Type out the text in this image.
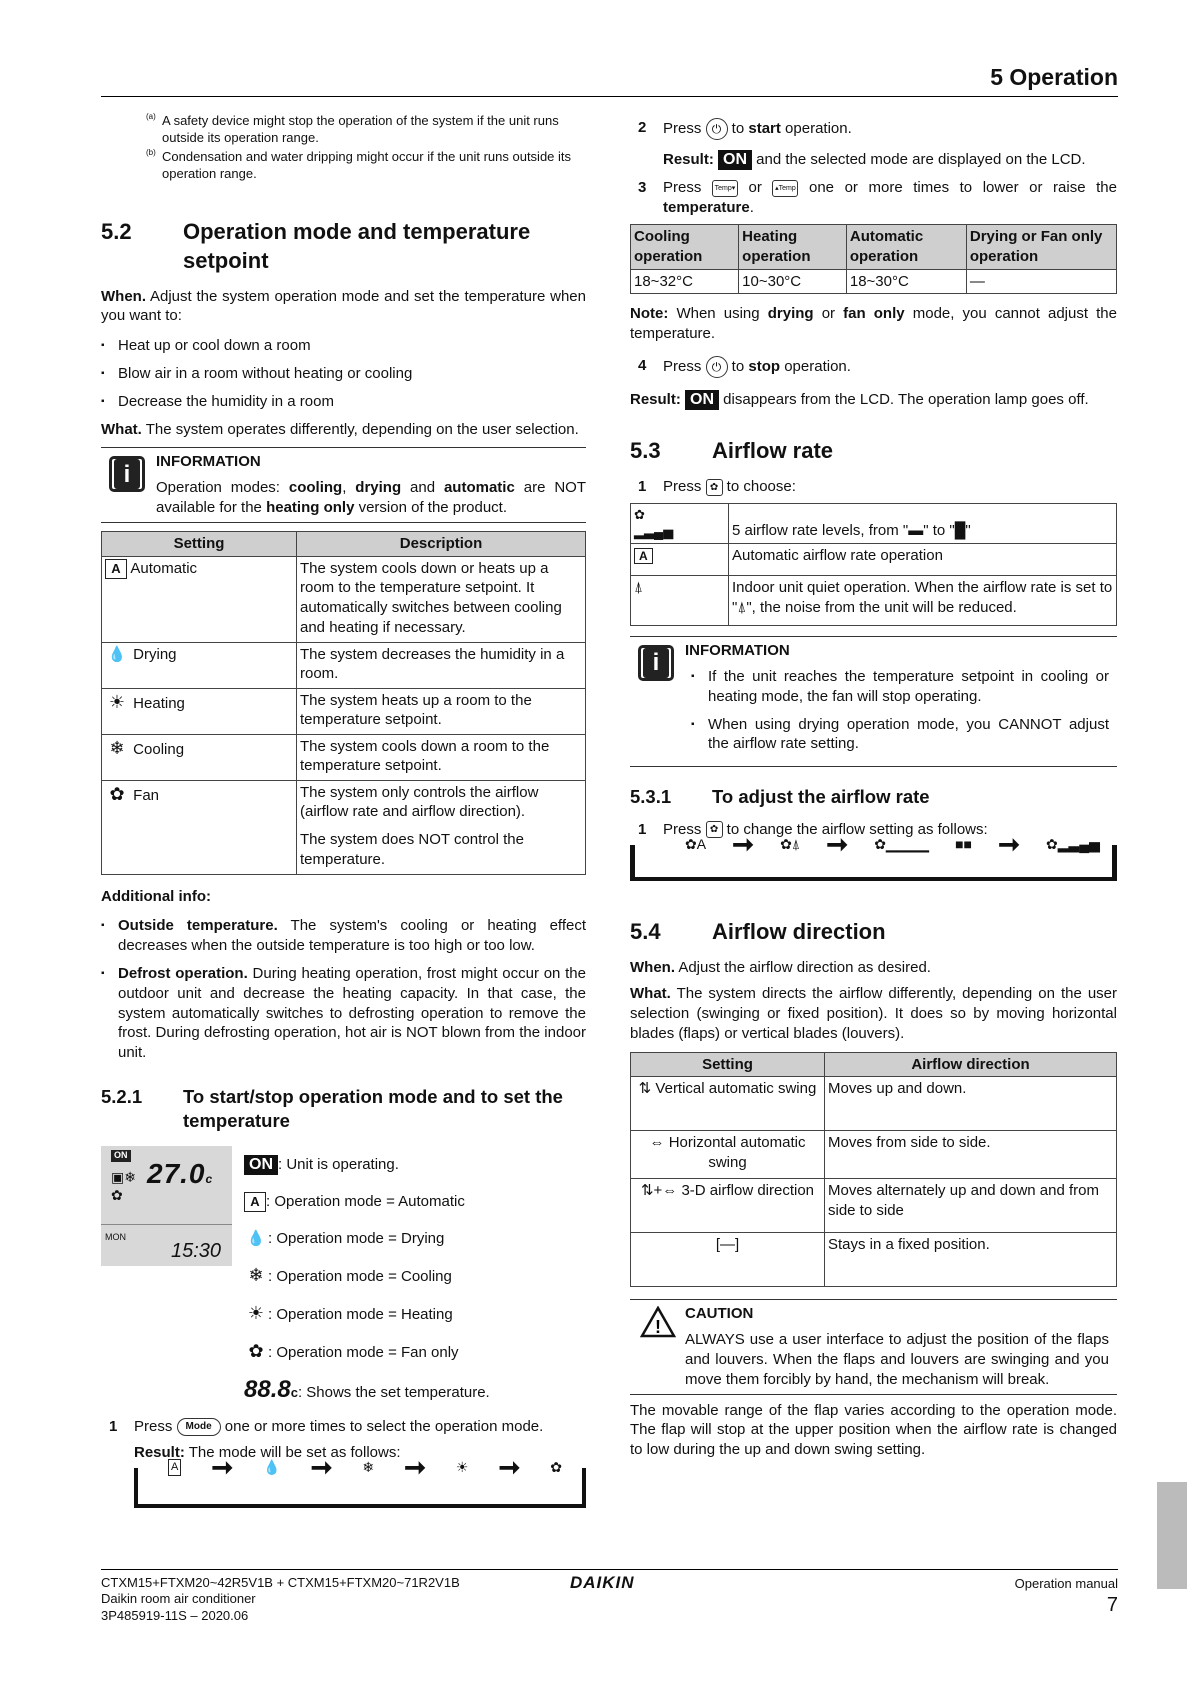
5 Operation
(a) A safety device might stop the operation of the system if the unit runs outside its operation range.
(b) Condensation and water dripping might occur if the unit runs outside its operation range.
5.2	Operation mode and temperature setpoint

When. Adjust the system operation mode and set the temperature when you want to:

▪ Heat up or cool down a room
▪ Blow air in a room without heating or cooling
▪ Decrease the humidity in a room

What. The system operates differently, depending on the user selection.

i	INFORMATION
Operation modes: cooling, drying and automatic are NOT available for the heating only version of the product.
Setting	Description
A Automatic	The system cools down or heats up a room to the temperature setpoint. It automatically switches between cooling and heating if necessary.
💧 Drying	The system decreases the humidity in a room.
☀ Heating	The system heats up a room to the temperature setpoint.
❄ Cooling	The system cools down a room to the temperature setpoint.
✿ Fan	The system only controls the airflow (airflow rate and airflow direction).
The system does NOT control the temperature.

Additional info:

▪ Outside temperature. The system's cooling or heating effect decreases when the outside temperature is too high or too low.
▪ Defrost operation. During heating operation, frost might occur on the outdoor unit and decrease the heating capacity. In that case, the system automatically switches to defrosting operation to remove the frost. During defrosting operation, hot air is NOT blown from the indoor unit.
5.2.1	To start/stop operation mode and to set the temperature
ON
27.0c
▣❄
✿
MON
15:30
ON : Unit is operating.
A : Operation mode = Automatic
💧 : Operation mode = Drying
❄ : Operation mode = Cooling
☀ : Operation mode = Heating
✿ : Operation mode = Fan only
88.8c: Shows the set temperature.
1	Press Mode one or more times to select the operation mode.
Result: The mode will be set as follows:
A ➞ 💧 ➞ ❄ ➞ ☀ ➞ ✿
2	Press ⏻ to start operation.
Result: ON and the selected mode are displayed on the LCD.
3	Press Temp▾ or ▴Temp one or more times to lower or raise the temperature.
Cooling operation	Heating operation	Automatic operation	Drying or Fan only operation
18~32°C	10~30°C	18~30°C	—

Note: When using drying or fan only mode, you cannot adjust the temperature.

4	Press ⏻ to stop operation.

Result: ON disappears from the LCD. The operation lamp goes off.

5.3	Airflow rate
1	Press ✿ to choose:
✿
▂▃▄▅	5 airflow rate levels, from "▬" to "█"
A	Automatic airflow rate operation
⍋	Indoor unit quiet operation. When the airflow rate is set to "⍋", the noise from the unit will be reduced.
i	INFORMATION
▪ If the unit reaches the temperature setpoint in cooling or heating mode, the fan will stop operating.
▪ When using drying operation mode, you CANNOT adjust the airflow rate setting.
5.3.1	To adjust the airflow rate
1	Press ✿ to change the airflow setting as follows:
✿A ➞ ✿⍋ ➞ ✿▁▁▁▁ ■■ ➞ ✿▂▃▄▅
5.4	Airflow direction

When. Adjust the airflow direction as desired.

What. The system directs the airflow differently, depending on the user selection (swinging or fixed position). It does so by moving horizontal blades (flaps) or vertical blades (louvers).

Setting	Airflow direction
⇅ Vertical automatic swing	Moves up and down.
⇔ Horizontal automatic swing	Moves from side to side.
⇅+⇔ 3-D airflow direction	Moves alternately up and down and from side to side
[—]	Stays in a fixed position.
!
CAUTION
ALWAYS use a user interface to adjust the position of the flaps and louvers. When the flaps and louvers are swinging and you move them forcibly by hand, the mechanism will break.

The movable range of the flap varies according to the operation mode. The flap will stop at the upper position when the airflow rate is changed to low during the up and down swing setting.

CTXM15+FTXM20~42R5V1B + CTXM15+FTXM20~71R2V1B
Daikin room air conditioner
3P485919-11S – 2020.06
DAIKIN	Operation manual
7
